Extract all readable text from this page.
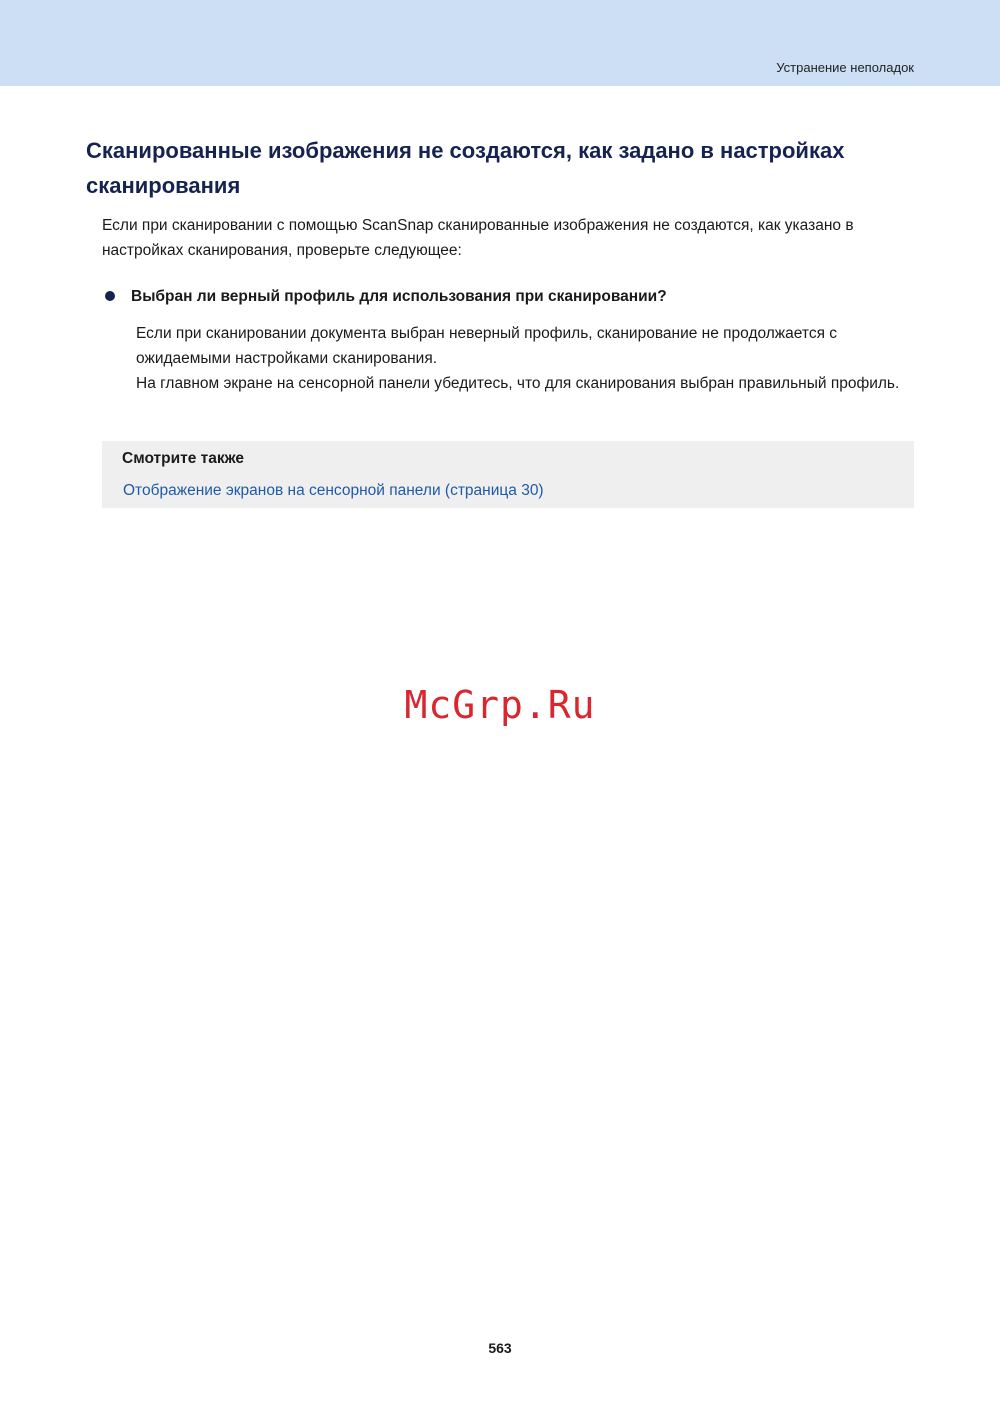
Устранение неполадок
Сканированные изображения не создаются, как задано в настройках сканирования

Если при сканировании с помощью ScanSnap сканированные изображения не создаются, как указано в настройках сканирования, проверьте следующее:

Выбран ли верный профиль для использования при сканировании?

Если при сканировании документа выбран неверный профиль, сканирование не продолжается с ожидаемыми настройками сканирования.
На главном экране на сенсорной панели убедитесь, что для сканирования выбран правильный профиль.

Смотрите также

Отображение экранов на сенсорной панели (страница 30)
McGrp.Ru
563
